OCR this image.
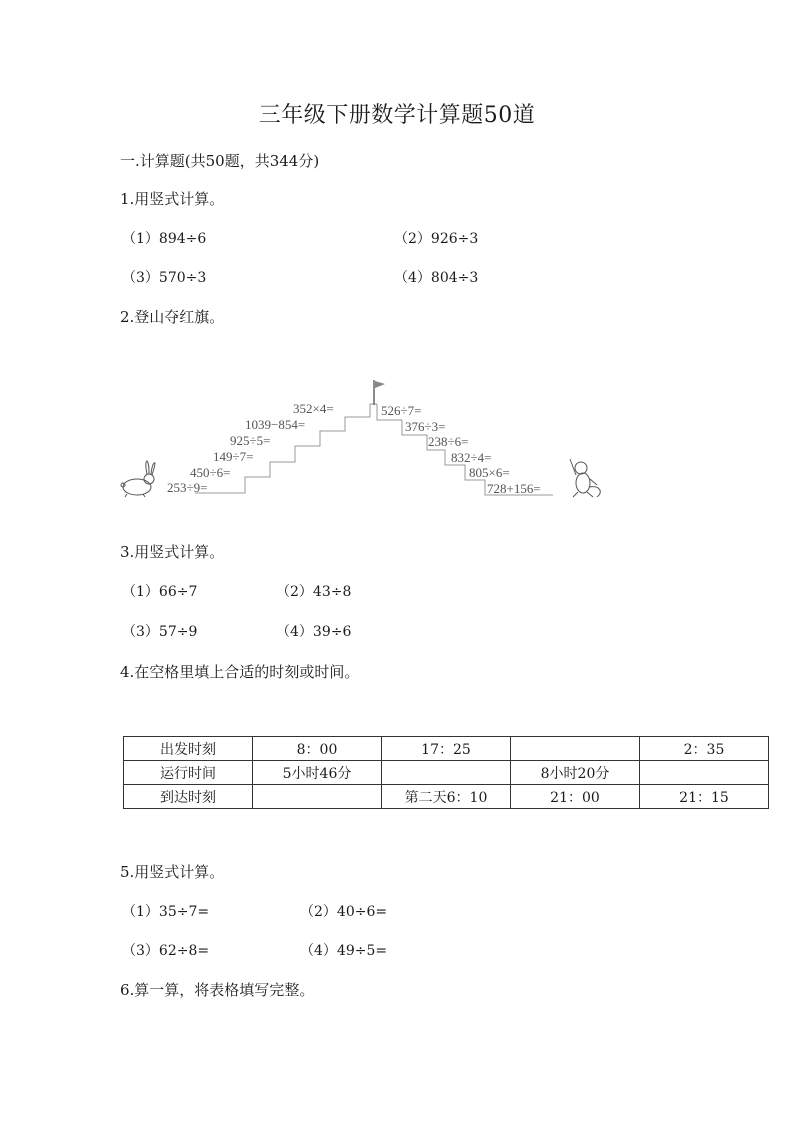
三年级下册数学计算题50道
一.计算题(共50题，共344分)
1.用竖式计算。
（1）894÷6	（2）926÷3
（3）570÷3	（4）804÷3
2.登山夺红旗。
352×4=
1039−854=
925÷5=
149÷7=
450÷6=
253÷9=
526÷7=
376÷3=
238÷6=
832÷4=
805×6=
728+156=
3.用竖式计算。
（1）66÷7	（2）43÷8
（3）57÷9	（4）39÷6
4.在空格里填上合适的时刻或时间。
出发时刻	8：00	17：25		2：35
运行时间	5小时46分		8小时20分	
到达时刻		第二天6：10	21：00	21：15
5.用竖式计算。
（1）35÷7=	（2）40÷6=
（3）62÷8=	（4）49÷5=
6.算一算，将表格填写完整。
